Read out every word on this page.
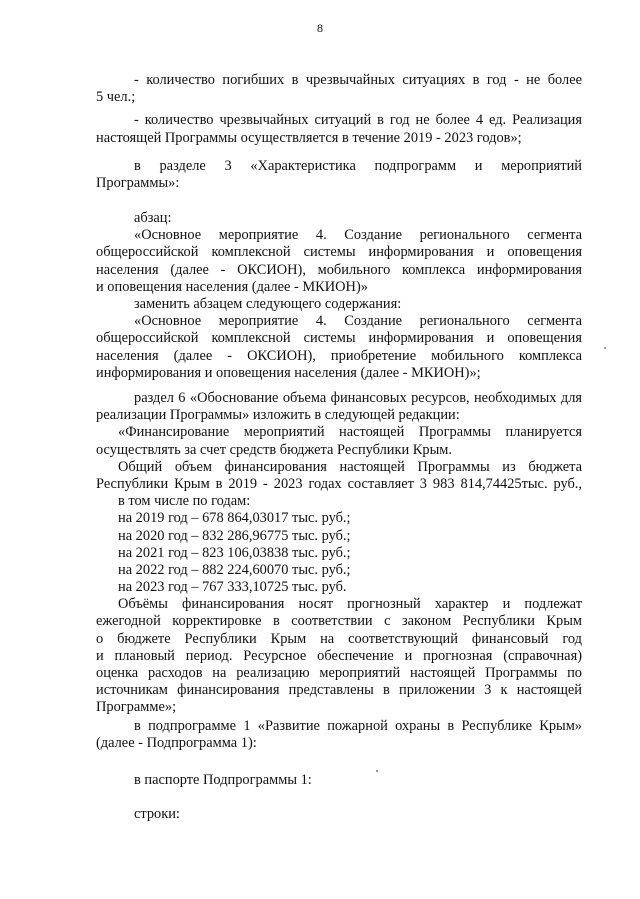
8
- количество погибших в чрезвычайных ситуациях в год - не более
5 чел.;
- количество чрезвычайных ситуаций в год не более 4 ед. Реализация
настоящей Программы осуществляется в течение 2019 - 2023 годов»;
в разделе 3 «Характеристика подпрограмм и мероприятий
Программы»:
абзац:
«Основное мероприятие 4. Создание регионального сегмента
общероссийской комплексной системы информирования и оповещения
населения (далее - ОКСИОН), мобильного комплекса информирования
и оповещения населения (далее - МКИОН)»
заменить абзацем следующего содержания:
«Основное мероприятие 4. Создание регионального сегмента
общероссийской комплексной системы информирования и оповещения
населения (далее - ОКСИОН), приобретение мобильного комплекса
информирования и оповещения населения (далее - МКИОН)»;
раздел 6 «Обоснование объема финансовых ресурсов, необходимых для
реализации Программы» изложить в следующей редакции:
«Финансирование мероприятий настоящей Программы планируется
осуществлять за счет средств бюджета Республики Крым.
Общий объем финансирования настоящей Программы из бюджета
Республики Крым в 2019 - 2023 годах составляет 3 983 814,74425тыс. руб.,
в том числе по годам:
на 2019 год – 678 864,03017 тыс. руб.;
на 2020 год – 832 286,96775 тыс. руб.;
на 2021 год – 823 106,03838 тыс. руб.;
на 2022 год – 882 224,60070 тыс. руб.;
на 2023 год – 767 333,10725 тыс. руб.
Объёмы финансирования носят прогнозный характер и подлежат
ежегодной корректировке в соответствии с законом Республики Крым
о бюджете Республики Крым на соответствующий финансовый год
и плановый период. Ресурсное обеспечение и прогнозная (справочная)
оценка расходов на реализацию мероприятий настоящей Программы по
источникам финансирования представлены в приложении 3 к настоящей
Программе»;
в подпрограмме 1 «Развитие пожарной охраны в Республике Крым»
(далее - Подпрограмма 1):
в паспорте Подпрограммы 1:
строки:
